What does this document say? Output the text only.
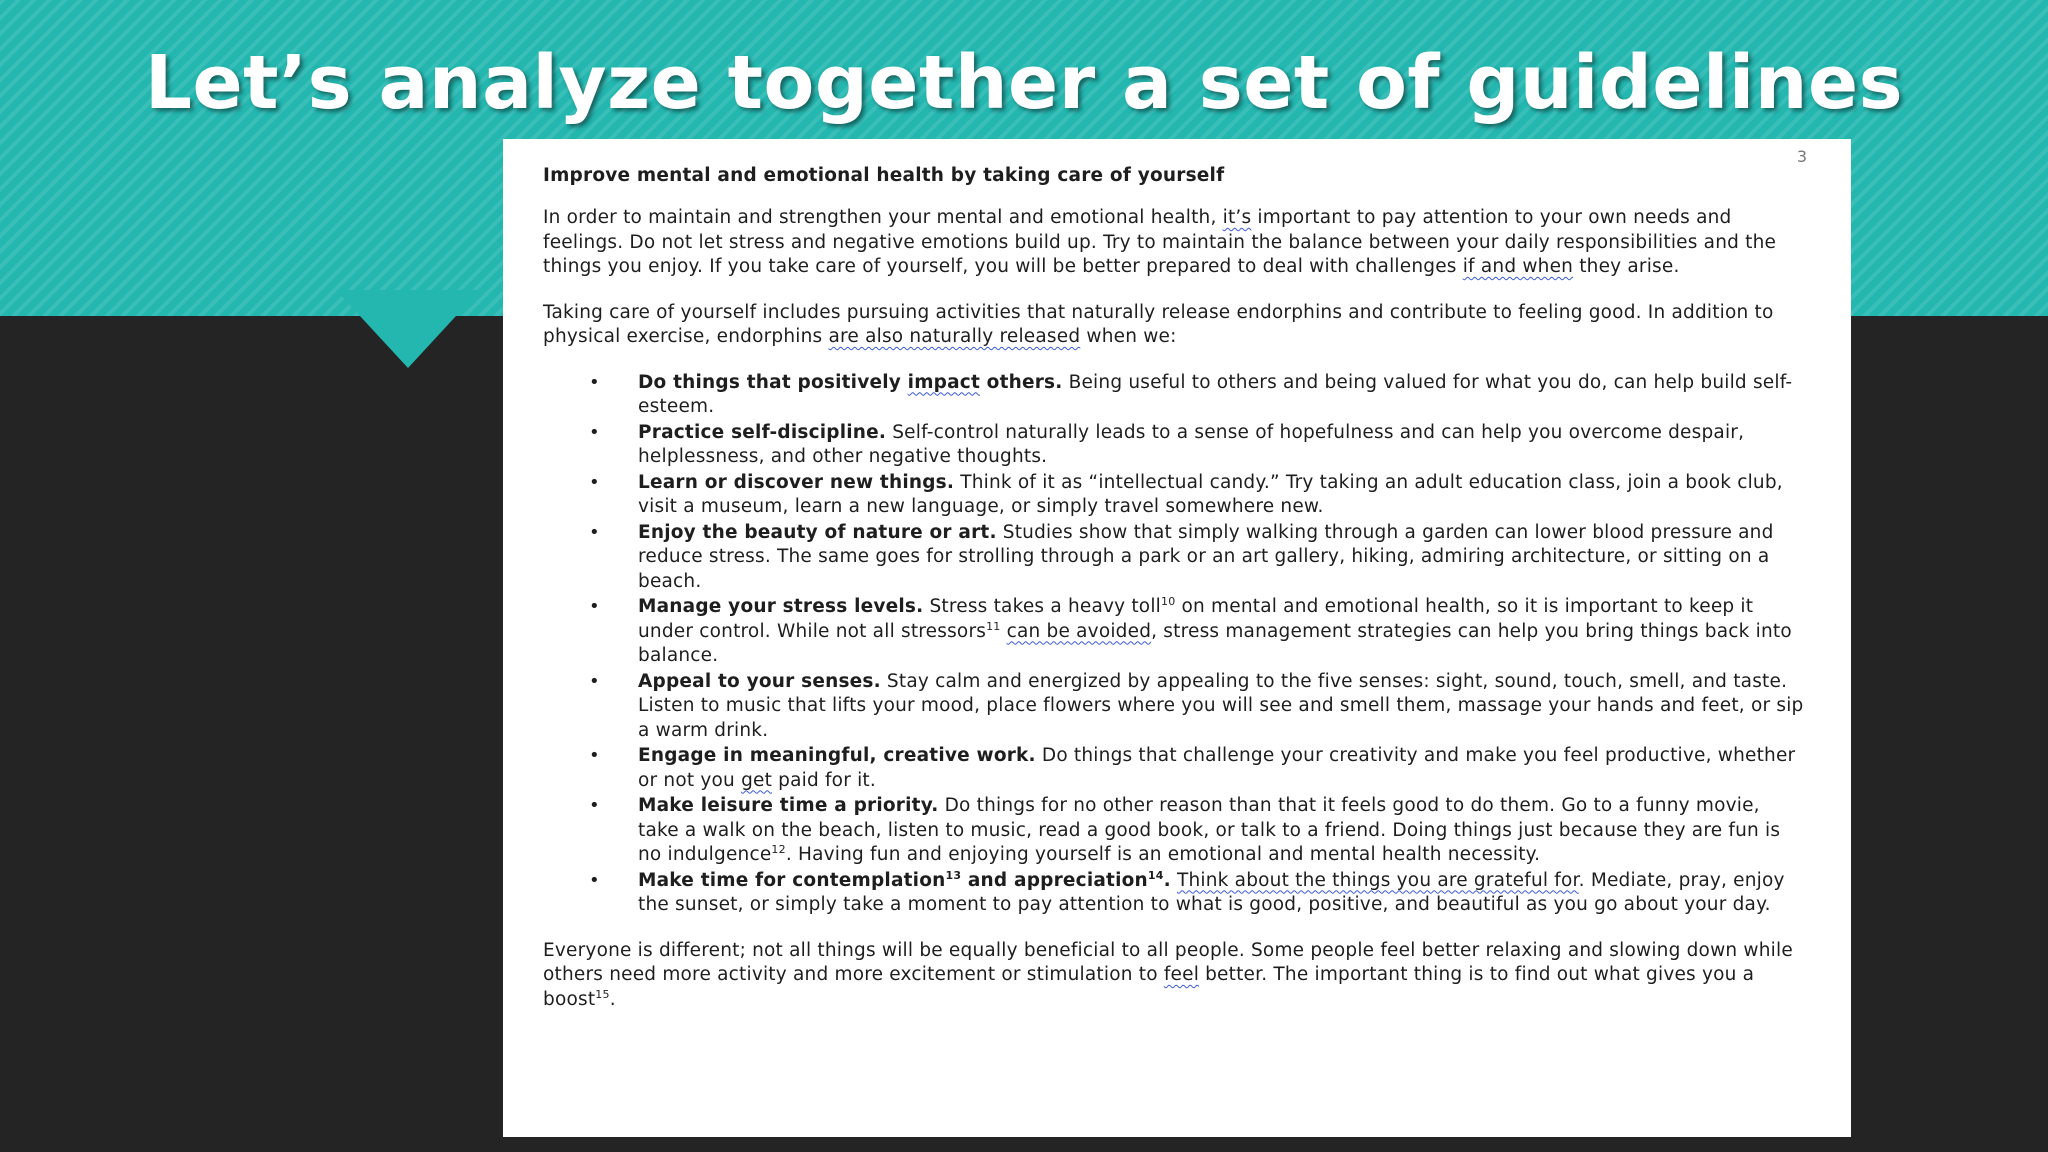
Let’s analyze together a set of guidelines
3

Improve mental and emotional health by taking care of yourself

In order to maintain and strengthen your mental and emotional health, it’s important to pay attention to your own needs and feelings. Do not let stress and negative emotions build up. Try to maintain the balance between your daily responsibilities and the things you enjoy. If you take care of yourself, you will be better prepared to deal with challenges if and when they arise.

Taking care of yourself includes pursuing activities that naturally release endorphins and contribute to feeling good. In addition to physical exercise, endorphins are also naturally released when we:

• Do things that positively impact others. Being useful to others and being valued for what you do, can help build self-esteem.
• Practice self-discipline. Self-control naturally leads to a sense of hopefulness and can help you overcome despair, helplessness, and other negative thoughts.
• Learn or discover new things. Think of it as “intellectual candy.” Try taking an adult education class, join a book club, visit a museum, learn a new language, or simply travel somewhere new.
• Enjoy the beauty of nature or art. Studies show that simply walking through a garden can lower blood pressure and reduce stress. The same goes for strolling through a park or an art gallery, hiking, admiring architecture, or sitting on a beach.
• Manage your stress levels. Stress takes a heavy toll$^{10}$ on mental and emotional health, so it is important to keep it under control. While not all stressors$^{11}$ can be avoided, stress management strategies can help you bring things back into balance.
• Appeal to your senses. Stay calm and energized by appealing to the five senses: sight, sound, touch, smell, and taste. Listen to music that lifts your mood, place flowers where you will see and smell them, massage your hands and feet, or sip a warm drink.
• Engage in meaningful, creative work. Do things that challenge your creativity and make you feel productive, whether or not you get paid for it.
• Make leisure time a priority. Do things for no other reason than that it feels good to do them. Go to a funny movie, take a walk on the beach, listen to music, read a good book, or talk to a friend. Doing things just because they are fun is no indulgence$^{12}$. Having fun and enjoying yourself is an emotional and mental health necessity.
• Make time for contemplation$^{13}$ and appreciation$^{14}$. Think about the things you are grateful for. Mediate, pray, enjoy the sunset, or simply take a moment to pay attention to what is good, positive, and beautiful as you go about your day.

Everyone is different; not all things will be equally beneficial to all people. Some people feel better relaxing and slowing down while others need more activity and more excitement or stimulation to feel better. The important thing is to find out what gives you a boost$^{15}$.
